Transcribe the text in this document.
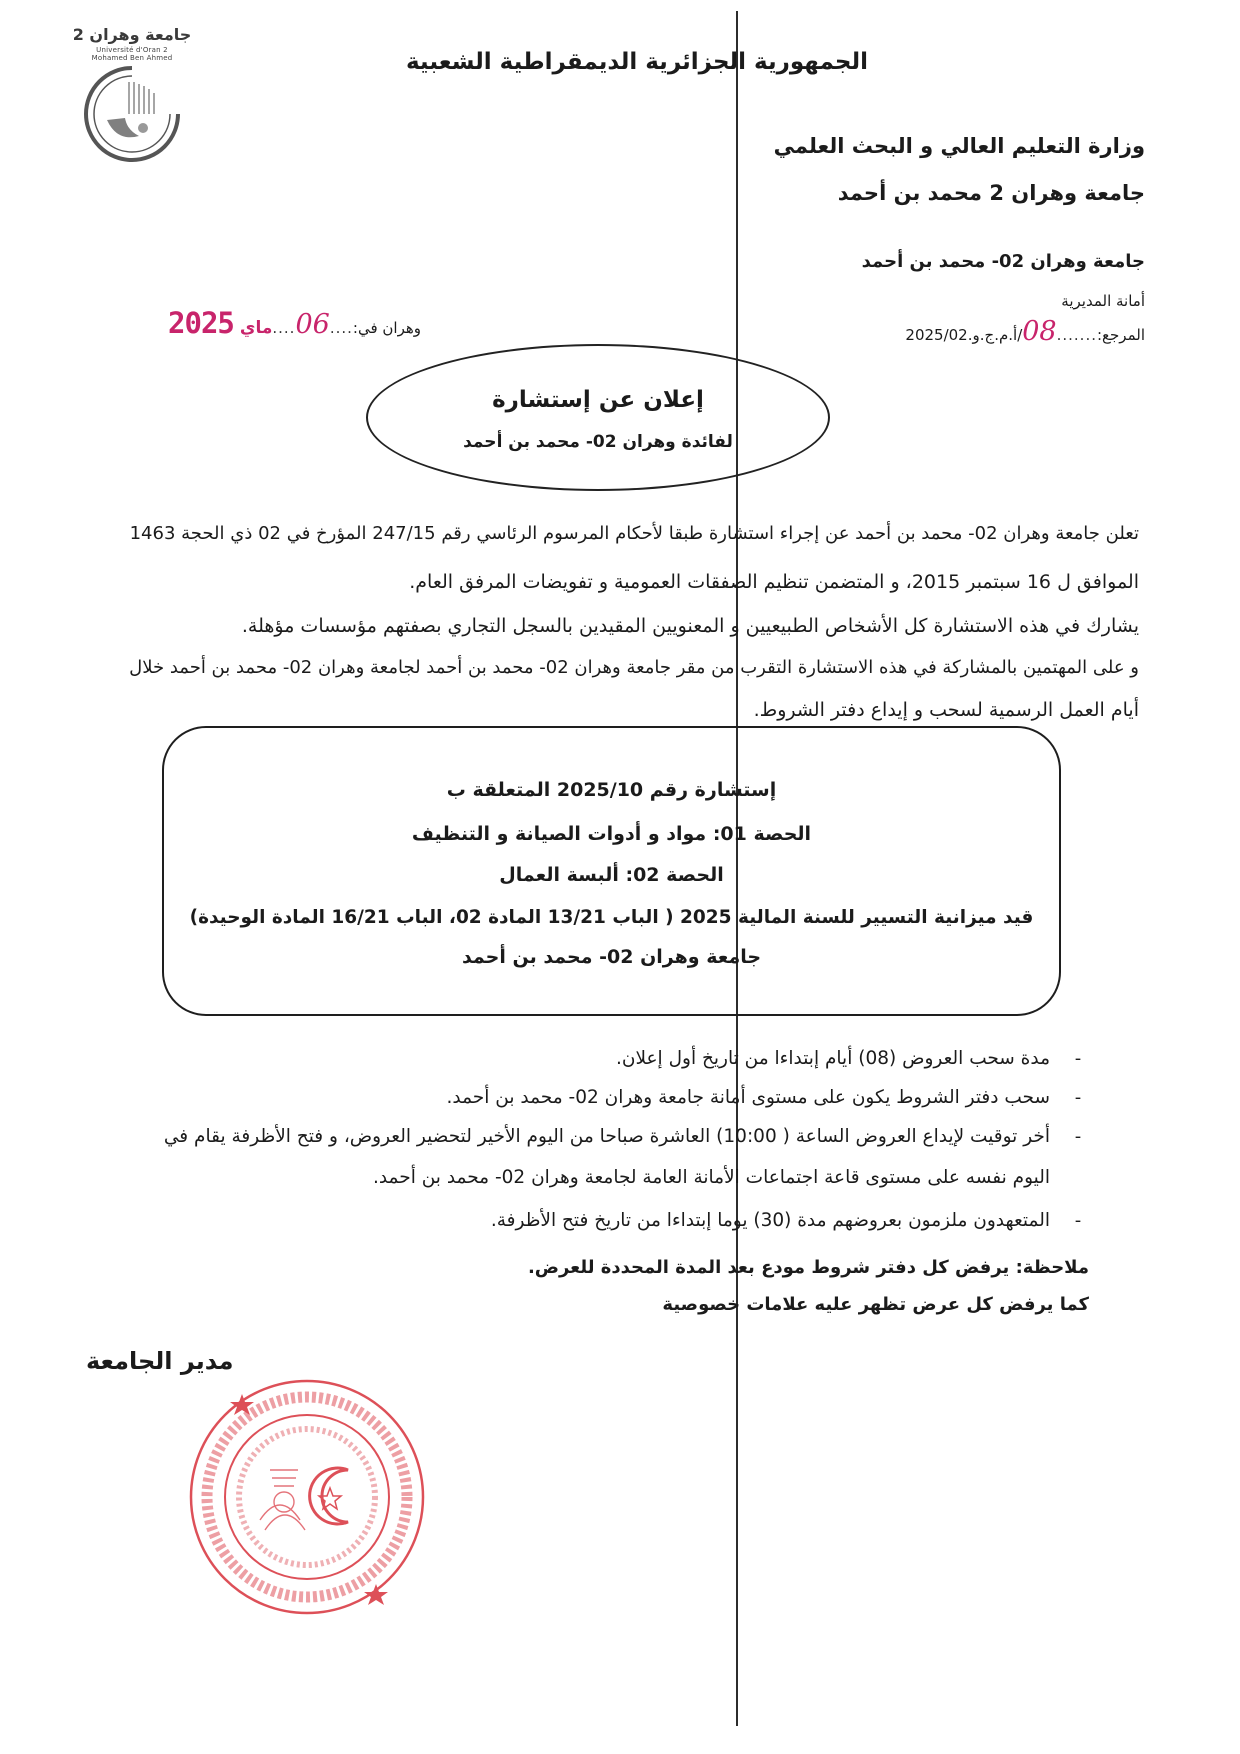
جامعة وهران 2
Université d'Oran 2
Mohamed Ben Ahmed	الجمهورية الجزائرية الديمقراطية الشعبية
وزارة التعليم العالي و البحث العلمي
جامعة وهران 2 محمد بن أحمد
جامعة وهران 02- محمد بن أحمد
أمانة المديرية
المرجع:
.......
08
/أ.م.ج.و.2025/02
وهران في:
....
06
....
ماي
2025
إعلان عن إستشارة
لفائدة وهران 02- محمد بن أحمد
تعلن جامعة وهران 02- محمد بن أحمد عن إجراء استشارة طبقا لأحكام المرسوم الرئاسي رقم 247/15 المؤرخ في 02 ذي الحجة 1463
الموافق ل 16 سبتمبر 2015، و المتضمن تنظيم الصفقات العمومية و تفويضات المرفق العام.
يشارك في هذه الاستشارة كل الأشخاص الطبيعيين و المعنويين المقيدين بالسجل التجاري بصفتهم مؤسسات مؤهلة.
و على المهتمين بالمشاركة في هذه الاستشارة التقرب من مقر جامعة وهران 02- محمد بن أحمد لجامعة وهران 02- محمد بن أحمد خلال
أيام العمل الرسمية لسحب و إيداع دفتر الشروط.
إستشارة رقم 2025/10 المتعلقة ب
الحصة 01: مواد و أدوات الصيانة و التنظيف
الحصة 02: ألبسة العمال
قيد ميزانية التسيير للسنة المالية 2025 ( الباب 13/21 المادة 02، الباب 16/21 المادة الوحيدة)
جامعة وهران 02- محمد بن أحمد
-
مدة سحب العروض (08) أيام إبتداءا من تاريخ أول إعلان.
-
سحب دفتر الشروط يكون على مستوى أمانة جامعة وهران 02- محمد بن أحمد.
-
أخر توقيت لإيداع العروض الساعة ( 10:00) العاشرة صباحا من اليوم الأخير لتحضير العروض، و فتح الأظرفة يقام في
اليوم نفسه على مستوى قاعة اجتماعات الأمانة العامة لجامعة وهران 02- محمد بن أحمد.
-
المتعهدون ملزمون بعروضهم مدة (30) يوما إبتداءا من تاريخ فتح الأظرفة.
ملاحظة: يرفض كل دفتر شروط مودع بعد المدة المحددة للعرض.
كما يرفض كل عرض تظهر عليه علامات خصوصية
مدير الجامعة
